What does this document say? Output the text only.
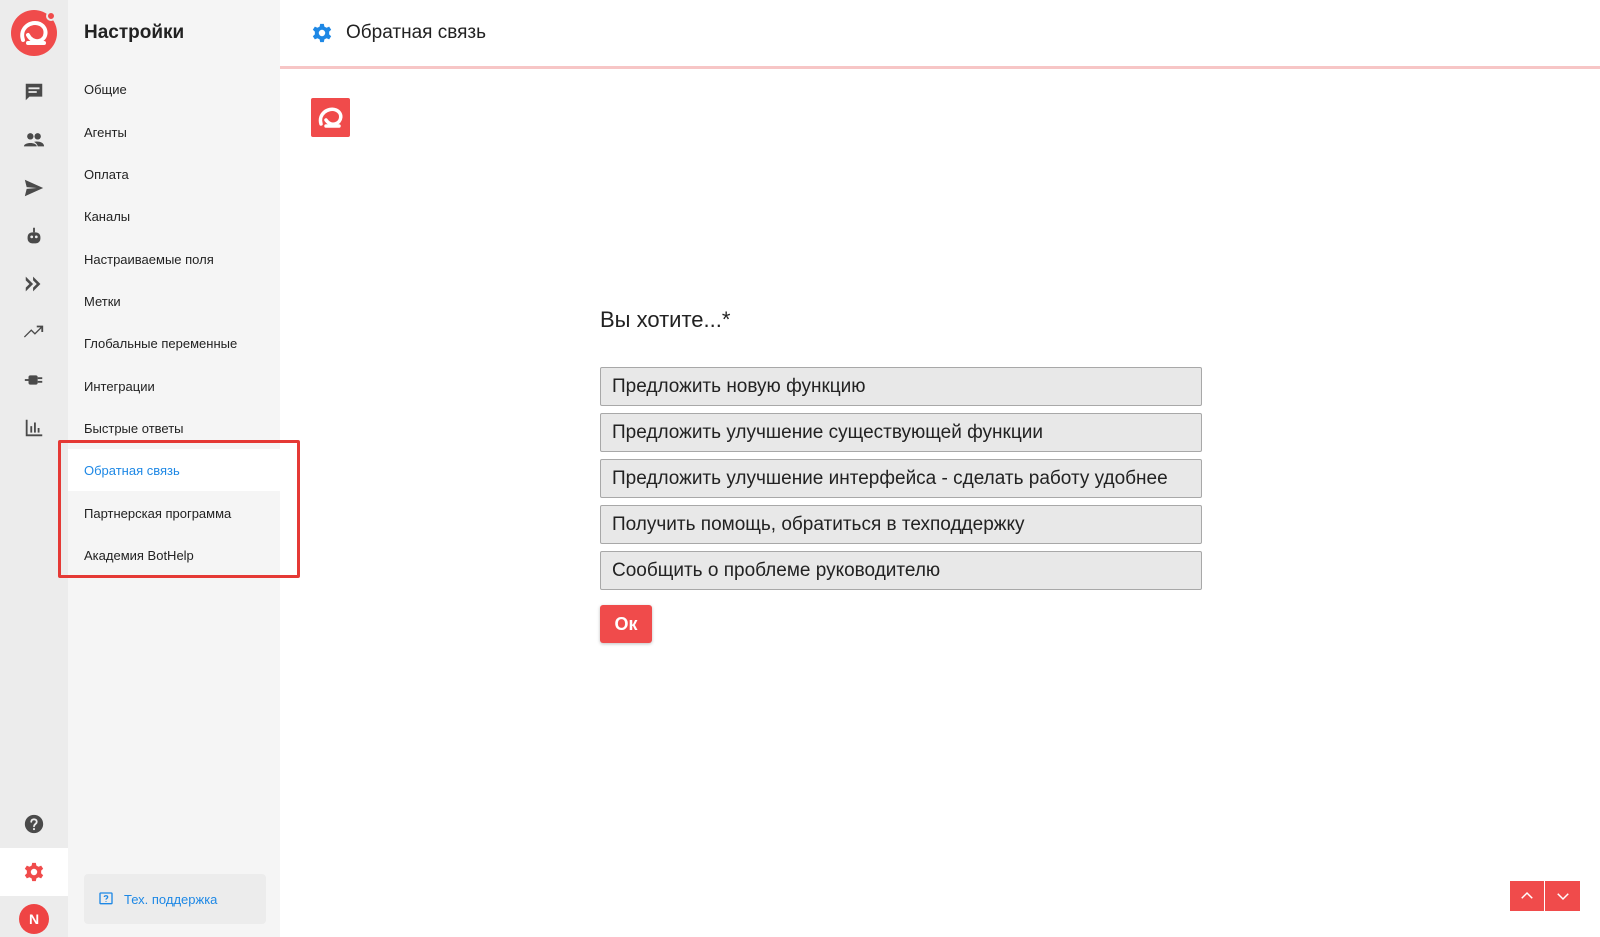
N
Настройки
Общие
Агенты
Оплата
Каналы
Настраиваемые поля
Метки
Глобальные переменные
Интеграции
Быстрые ответы
Обратная связь
Партнерская программа
Академия BotHelp
Тех. поддержка
Обратная связь
Вы хотите...*
Предложить новую функцию
Предложить улучшение существующей функции
Предложить улучшение интерфейса - сделать работу удобнее
Получить помощь, обратиться в техподдержку
Сообщить о проблеме руководителю
Ок
